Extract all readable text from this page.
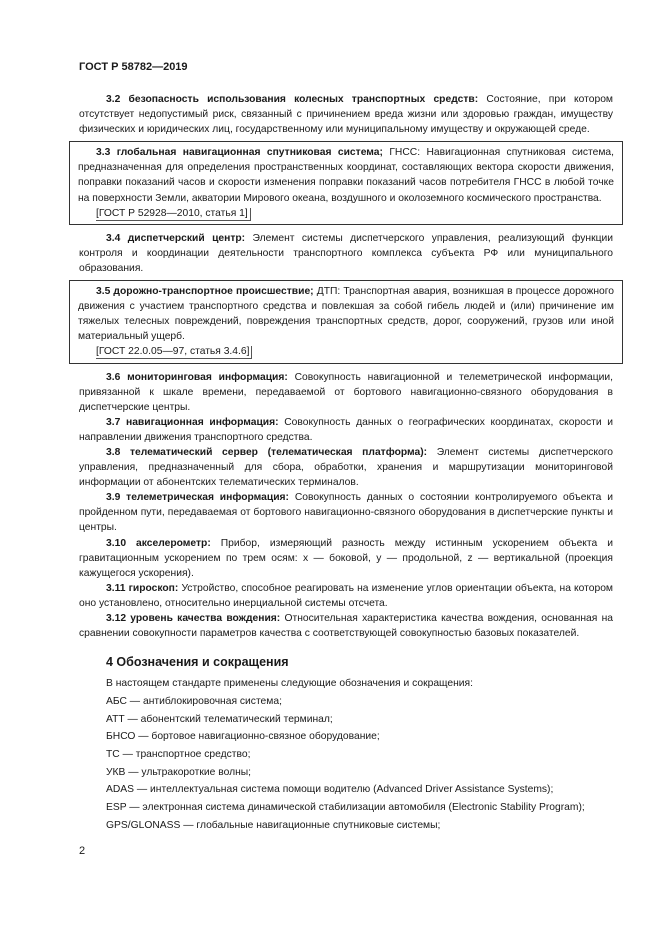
ГОСТ Р 58782—2019

3.2 безопасность использования колесных транспортных средств: Состояние, при котором отсутствует недопустимый риск, связанный с причинением вреда жизни или здоровью граждан, имуществу физических и юридических лиц, государственному или муниципальному имуществу и окружающей среде.

3.3 глобальная навигационная спутниковая система; ГНСС: Навигационная спутниковая система, предназначенная для определения пространственных координат, составляющих вектора скорости движения, поправки показаний часов и скорости изменения поправки показаний часов потребителя ГНСС в любой точке на поверхности Земли, акватории Мирового океана, воздушного и околоземного космического пространства.

[ГОСТ Р 52928—2010, статья 1]

3.4 диспетчерский центр: Элемент системы диспетчерского управления, реализующий функции контроля и координации деятельности транспортного комплекса субъекта РФ или муниципального образования.

3.5 дорожно-транспортное происшествие; ДТП: Транспортная авария, возникшая в процессе дорожного движения с участием транспортного средства и повлекшая за собой гибель людей и (или) причинение им тяжелых телесных повреждений, повреждения транспортных средств, дорог, сооружений, грузов или иной материальный ущерб.

[ГОСТ 22.0.05—97, статья 3.4.6]

3.6 мониторинговая информация: Совокупность навигационной и телеметрической информации, привязанной к шкале времени, передаваемой от бортового навигационно-связного оборудования в диспетчерские центры.

3.7 навигационная информация: Совокупность данных о географических координатах, скорости и направлении движения транспортного средства.

3.8 телематический сервер (телематическая платформа): Элемент системы диспетчерского управления, предназначенный для сбора, обработки, хранения и маршрутизации мониторинговой информации от абонентских телематических терминалов.

3.9 телеметрическая информация: Совокупность данных о состоянии контролируемого объекта и пройденном пути, передаваемая от бортового навигационно-связного оборудования в диспетчерские пункты и центры.

3.10 акселерометр: Прибор, измеряющий разность между истинным ускорением объекта и гравитационным ускорением по трем осям: x — боковой, y — продольной, z — вертикальной (проекция кажущегося ускорения).

3.11 гироскоп: Устройство, способное реагировать на изменение углов ориентации объекта, на котором оно установлено, относительно инерциальной системы отсчета.

3.12 уровень качества вождения: Относительная характеристика качества вождения, основанная на сравнении совокупности параметров качества с соответствующей совокупностью базовых показателей.

4 Обозначения и сокращения

В настоящем стандарте применены следующие обозначения и сокращения:

АБС — антиблокировочная система;

АТТ — абонентский телематический терминал;

БНСО — бортовое навигационно-связное оборудование;

ТС — транспортное средство;

УКВ — ультракороткие волны;

ADAS — интеллектуальная система помощи водителю (Advanced Driver Assistance Systems);

ESP — электронная система динамической стабилизации автомобиля (Electronic Stability Program);

GPS/GLONASS — глобальные навигационные спутниковые системы;

2
